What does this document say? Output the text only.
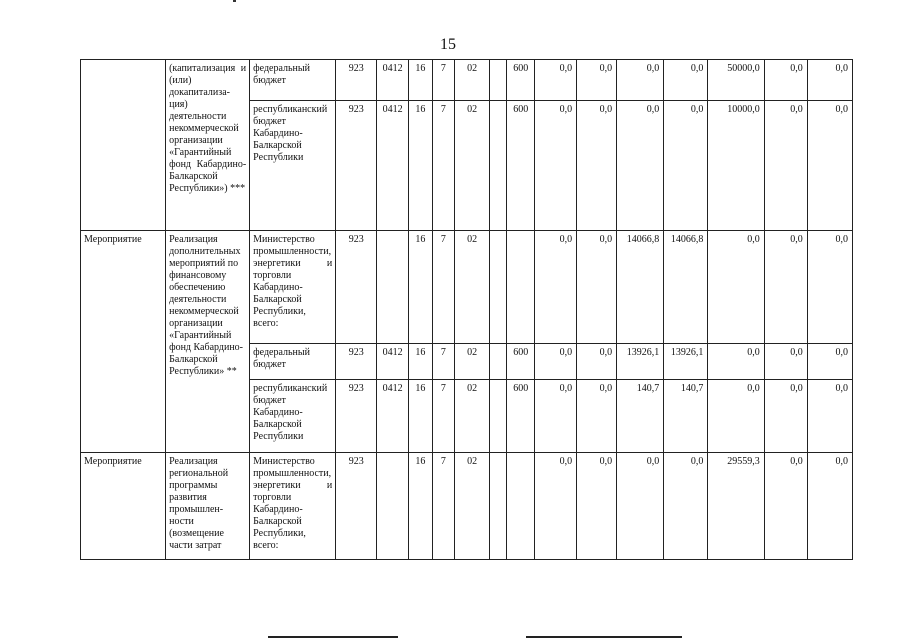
15
	(капитализация и (или) докапитализа-ция) деятельности некоммерческой организации «Гарантийный фонд Кабардино-Балкарской Республики») ***	федеральный бюджет	923	0412	16	7	02		600	0,0	0,0	0,0	0,0	50000,0	0,0	0,0
		республиканский бюджет Кабардино-Балкарской Республики	923	0412	16	7	02		600	0,0	0,0	0,0	0,0	10000,0	0,0	0,0
Мероприятие	Реализация дополнительных мероприятий по финансовому обеспечению деятельности некоммерческой организации «Гарантийный фонд Кабардино-Балкарской Республики» **	Министерство промышленности, энергетики и торговли Кабардино-Балкарской Республики, всего:	923		16	7	02			0,0	0,0	14066,8	14066,8	0,0	0,0	0,0
		федеральный бюджет	923	0412	16	7	02		600	0,0	0,0	13926,1	13926,1	0,0	0,0	0,0
		республиканский бюджет Кабардино-Балкарской Республики	923	0412	16	7	02		600	0,0	0,0	140,7	140,7	0,0	0,0	0,0
Мероприятие	Реализация региональной программы развития промышлен-ности (возмещение части затрат	Министерство промышленности, энергетики и торговли Кабардино-Балкарской Республики, всего:	923		16	7	02			0,0	0,0	0,0	0,0	29559,3	0,0	0,0
